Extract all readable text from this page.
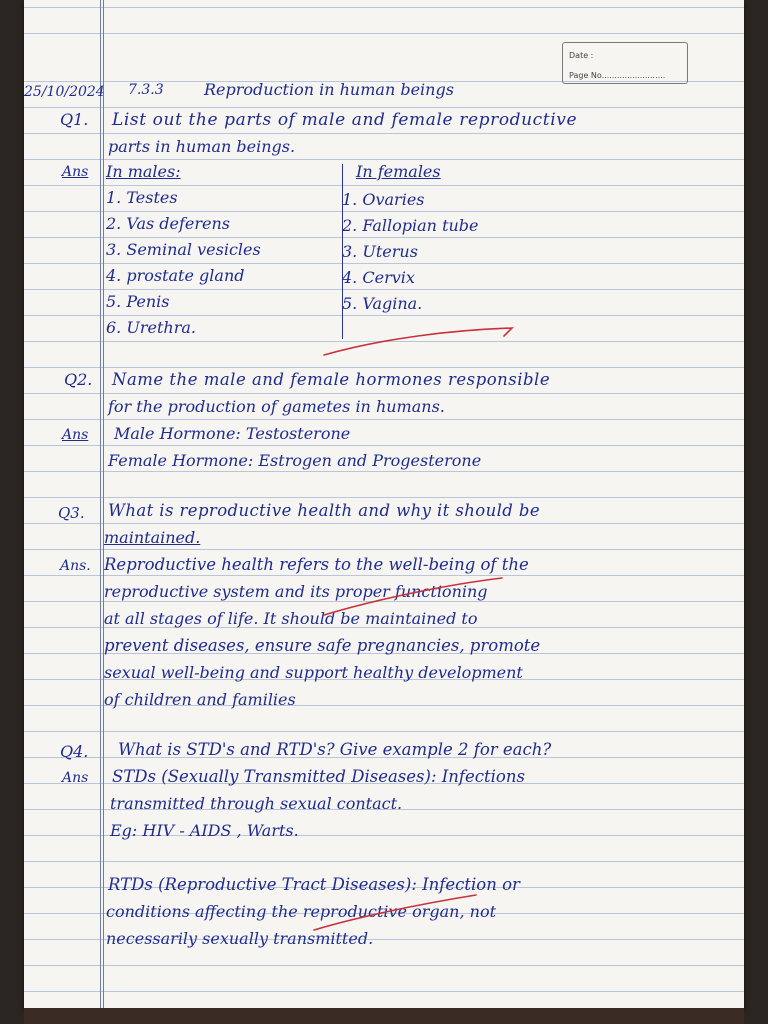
Date :
Page No. .....
25/10/2024 7.3.3	Reproduction in human beings
Q1. List out the parts of male and female reproductive
parts in human beings.
Ans In males:	In females
1. Testes
2. Vas deferens
3. Seminal vesicles
4. prostate gland
5. Penis
6. Urethra.
1. Ovaries
2. Fallopian tube
3. Uterus
4. Cervix
5. Vagina.
Q2. Name the male and female hormones responsible
for the production of gametes in humans.
Ans Male Hormone: Testosterone
Female Hormone: Estrogen and Progesterone
Q3. What is reproductive health and why it should be
maintained.
Ans. Reproductive health refers to the well-being of the
reproductive system and its proper functioning
at all stages of life. It should be maintained to
prevent diseases, ensure safe pregnancies, promote
sexual well-being and support healthy development
of children and families
Q4. What is STD's and RTD's? Give example 2 for each?
Ans STDs (Sexually Transmitted Diseases): Infections
transmitted through sexual contact.
Eg: HIV - AIDS , Warts.
RTDs (Reproductive Tract Diseases): Infection or
conditions affecting the reproductive organ, not
necessarily sexually transmitted.
